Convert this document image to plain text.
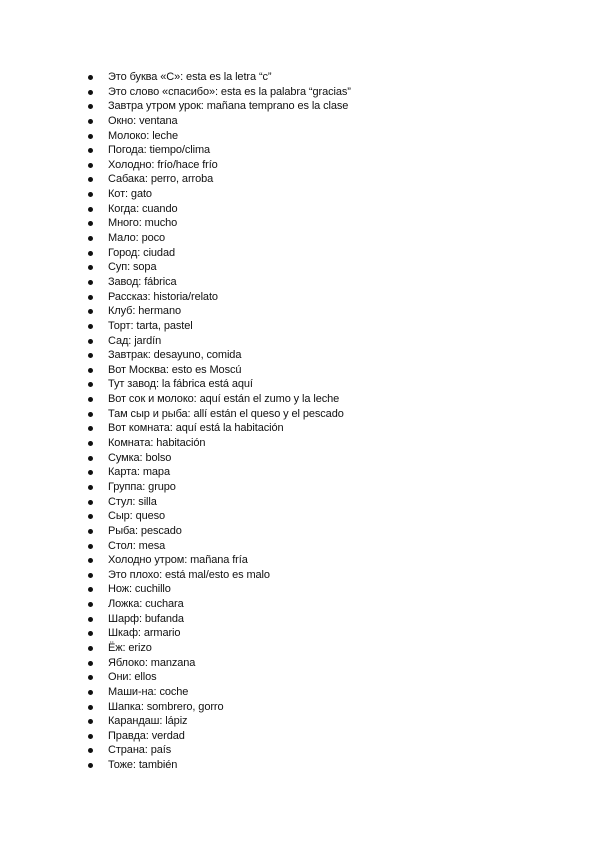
Это буква «С»: esta es la letra “c”
Это слово «спасибо»: esta es la palabra “gracias”
Завтра утром урок: mañana temprano es la clase
Окно: ventana
Молоко: leche
Погода: tiempo/clima
Холодно: frío/hace frío
Сабака: perro, arroba
Кот: gato
Когда: cuando
Много: mucho
Мало: poco
Город: ciudad
Суп: sopa
Завод: fábrica
Рассказ: historia/relato
Клуб: hermano
Торт: tarta, pastel
Сад: jardín
Завтрак: desayuno, comida
Вот Москва: esto es Moscú
Тут завод: la fábrica está aquí
Вот сок и молоко: aquí están el zumo y la leche
Там сыр и рыба: allí están el queso y el pescado
Вот комната: aquí está la habitación
Комната: habitación
Сумка: bolso
Карта: mapa
Группа: grupo
Стул: silla
Сыр: queso
Рыба: pescado
Стол: mesa
Холодно утром: mañana fría
Это плохо: está mal/esto es malo
Нож: cuchillo
Ложка: cuchara
Шарф: bufanda
Шкаф: armario
Ёж: erizo
Яблоко: manzana
Они: ellos
Маши-на: coche
Шапка: sombrero, gorro
Карандаш: lápiz
Правда: verdad
Страна: país
Тоже: también
